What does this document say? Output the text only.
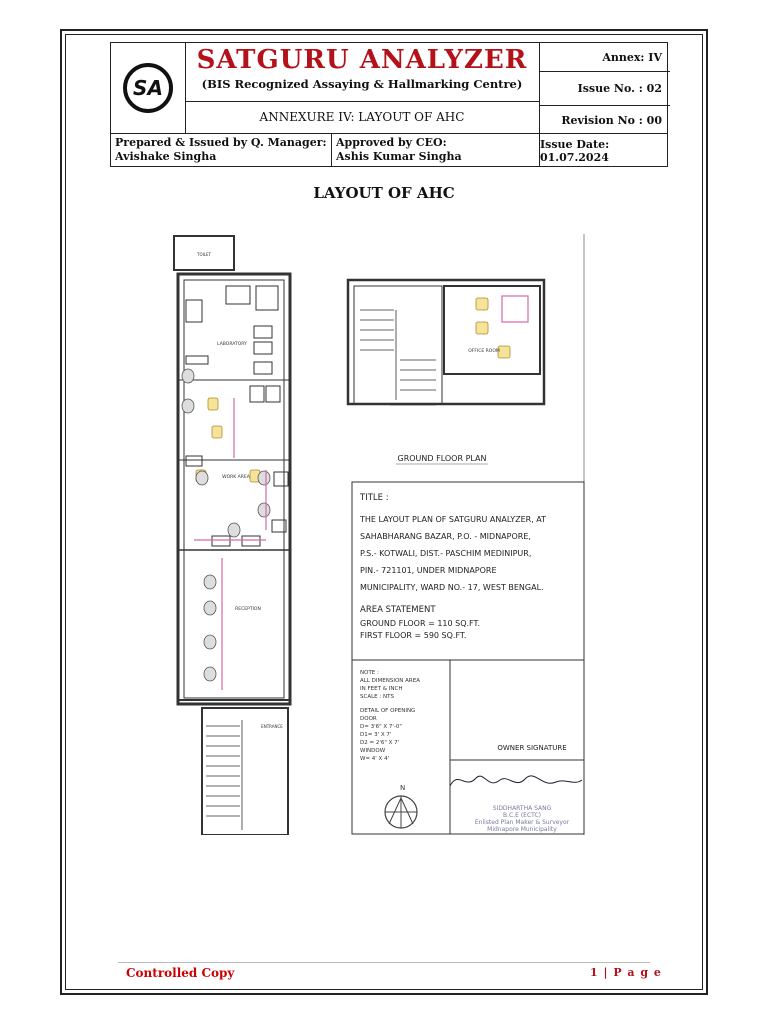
SA
SATGURU ANALYZER
(BIS Recognized Assaying & Hallmarking Centre)
ANNEXURE IV: LAYOUT OF AHC
Annex: IV
Issue No. : 02
Revision No : 00
Prepared & Issued by Q. Manager:
Avishake Singha
Approved by CEO:
Ashis Kumar Singha
Issue Date: 01.07.2024
LAYOUT OF AHC
LABORATORY
WORK AREA
RECEPTION
ENTRANCE
TOILET
OFFICE ROOM
GROUND FLOOR PLAN
TITLE :
THE LAYOUT PLAN OF SATGURU ANALYZER, AT
SAHABHARANG BAZAR, P.O. - MIDNAPORE,
P.S.- KOTWALI, DIST.- PASCHIM MEDINIPUR,
PIN.- 721101, UNDER MIDNAPORE
MUNICIPALITY, WARD NO.- 17, WEST BENGAL.
AREA STATEMENT
GROUND FLOOR = 110 SQ.FT.
FIRST FLOOR = 590 SQ.FT.
NOTE :
ALL DIMENSION AREA
IN FEET & INCH
SCALE : NTS
DETAIL OF OPENING
DOOR
D= 3'6" X 7'-0"
D1= 3' X 7'
D2 = 2'6" X 7'
WINDOW
W= 4' X 4'
OWNER SIGNATURE
N
SIDDHARTHA SANG
B.C.E (ECTC)
Enlisted Plan Maker & Surveyor
Midnapore Municipality
Controlled Copy	1 | P a g e
